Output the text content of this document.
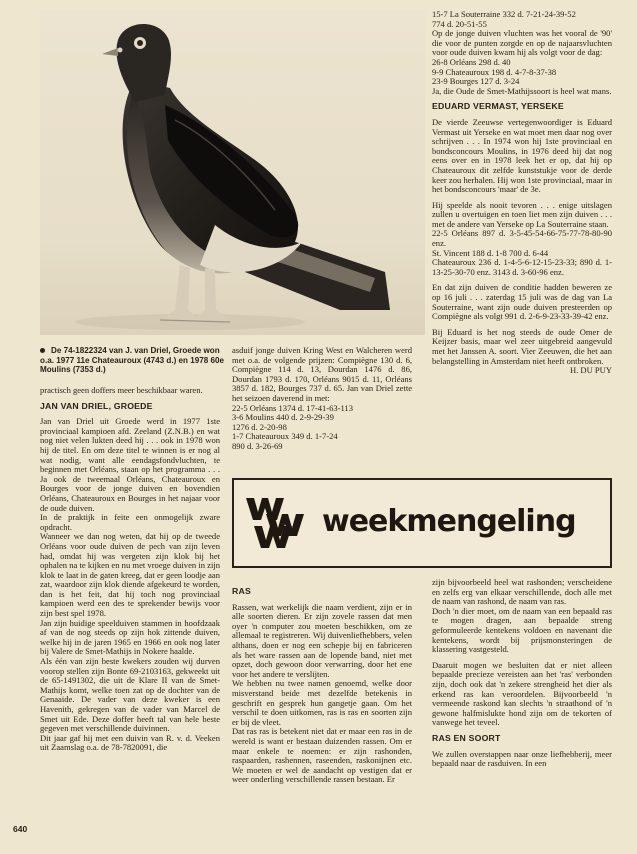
De 74-1822324 van J. van Driel, Groede won o.a. 1977 11e Chateauroux (4743 d.) en 1978 60e Moulins (7353 d.)

practisch geen doffers meer beschikbaar waren.

JAN VAN DRIEL, GROEDE

Jan van Driel uit Groede werd in 1977 1ste provinciaal kampioen afd. Zeeland (Z.N.B.) en wat nog niet velen lukten deed hij . . . ook in 1978 won hij de titel. En om deze titel te winnen is er nog al wat nodig, want alle eendagsfondvluchten, te beginnen met Orléans, staan op het programma . . . Ja ook de tweemaal Orléans, Chateauroux en Bourges voor de jonge duiven en bovendien Orléans, Chateauroux en Bourges in het najaar voor de oude duiven.

In de praktijk in feite een onmogelijk zware opdracht.

Wanneer we dan nog weten, dat hij op de tweede Orléans voor oude duiven de pech van zijn leven had, omdat hij was vergeten zijn klok bij het ophalen na te kijken en nu met vroege duiven in zijn klok te laat in de gaten kreeg, dat er geen loodje aan zat, waardoor zijn klok diende afgekeurd te worden, dan is het feit, dat hij toch nog provinciaal kampioen werd een des te sprekender bewijs voor zijn best spel 1978.

Jan zijn huidige speelduiven stammen in hoofdzaak af van de nog steeds op zijn hok zittende duiven, welke hij in de jaren 1965 en 1966 en ook nog later bij Valere de Smet-Mathijs in Nokere haalde.

Als één van zijn beste kwekers zouden wij durven voorop stellen zijn Bonte 69-2103163, gekweekt uit de 65-1491302, die uit de Klare II van de Smet-Mathijs komt, welke toen zat op de dochter van de Genaaide. De vader van deze kweker is een Havenith, gekregen van de vader van Marcel de Smet uit Ede. Deze doffer heeft tal van hele beste gegeven met verschillende duivinnen.

Dit jaar gaf hij met een duivin van R. v. d. Veeken uit Zaamslag o.a. de 78-7820091, die

asduif jonge duiven Kring West en Walcheren werd met o.a. de volgende prijzen: Compiègne 130 d. 6, Compiègne 114 d. 13, Dourdan 1476 d. 86, Dourdan 1793 d. 170, Orléans 9015 d. 11, Orléans 3857 d. 182, Bourges 737 d. 65. Jan van Driel zette het seizoen daverend in met:

22-5 Orléans 1374 d. 17-41-63-113

3-6 Moulins 440 d. 2-9-29-39

1276 d. 2-20-98

1-7 Chateauroux 349 d. 1-7-24

890 d. 3-26-69

15-7 La Souterraine 332 d. 7-21-24-39-52

774 d. 20-51-55

Op de jonge duiven vluchten was het vooral de '90' die voor de punten zorgde en op de najaarsvluchten voor oude duiven kwam hij als volgt voor de dag:

26-8 Orléans 298 d. 40

9-9 Chateauroux 198 d. 4-7-8-37-38

23-9 Bourges 127 d. 3-24

Ja, die Oude de Smet-Mathijssoort is heel wat mans.

EDUARD VERMAST, YERSEKE

De vierde Zeeuwse vertegenwoordiger is Eduard Vermast uit Yerseke en wat moet men daar nog over schrijven . . . In 1974 won hij 1ste provinciaal en bondsconcours Moulins, in 1976 deed hij dat nog eens over en in 1978 leek het er op, dat hij op Chateauroux dit zelfde kunststukje voor de derde keer zou herhalen. Hij won 1ste provinciaal, maar in het bondsconcours 'maar' de 3e.

Hij speelde als nooit tevoren . . . enige uitslagen zullen u overtuigen en toen liet men zijn duiven . . . met de andere van Yerseke op La Souterraine staan.

22-5 Orléans 897 d. 3-5-45-54-66-75-77-78-80-90 enz.

St. Vincent 188 d. 1-8 700 d. 6-44

Chateauroux 236 d. 1-4-5-6-12-15-23-33; 890 d. 1-13-25-30-70 enz. 3143 d. 3-60-96 enz.

En dat zijn duiven de conditie hadden beweren ze op 16 juli . . . zaterdag 15 juli was de dag van La Souterraine, want zijn oude duiven presteerden op Compiègne als volgt 991 d. 2-6-9-23-33-39-42 enz.

Bij Eduard is het nog steeds de oude Omer de Keijzer basis, maar wel zeer uitgebreid aangevuld met het Janssen A. soort. Vier Zeeuwen, die het aan belangstelling in Amsterdam niet heeft ontbroken.

H. DU PUY
weekmengeling
RAS

Rassen, wat werkelijk die naam verdient, zijn er in alle soorten dieren. Er zijn zovele rassen dat men oyer 'n computer zou moeten beschikken, om ze allemaal te registreren. Wij duivenliefhebbers, velen althans, doen er nog een schepje bij en fabriceren als het ware rassen aan de lopende band, niet met opzet, doch gewoon door verwarring, door het ene voor het andere te verslijten.

We hebben nu twee namen genoemd, welke door misverstand beide met dezelfde betekenis in geschrift en gesprek hun gangetje gaan. Om het verschil te doen uitkomen, ras is ras en soorten zijn er bij de vleet.

Dat ras ras is betekent niet dat er maar een ras in de wereld is want er bestaan duizenden rassen. Om er maar enkele te noemen: er zijn rashonden, raspaarden, rashennen, raseenden, raskonijnen etc. We moeten er wel de aandacht op vestigen dat er weer onderling verschillende rassen bestaan. Er

zijn bijvoorbeeld heel wat rashonden; verscheidene en zelfs erg van elkaar verschillende, doch alle met de naam van rashond, de naam van ras.

Doch 'n dier moet, om de naam van een bepaald ras te mogen dragen, aan bepaalde streng geformuleerde kentekens voldoen en navenant die kentekens, wordt bij prijsmonsteringen de klassering vastgesteld.

Daaruit mogen we besluiten dat er niet alleen bepaalde precieze vereisten aan het 'ras' verbonden zijn, doch ook dat 'n zekere strengheid het dier als erkend ras kan veroordelen. Bijvoorbeeld 'n vermeende raskond kan slechts 'n straathond of 'n gewone halfmislukte hond zijn om de tekorten of vanwege het teveel.

RAS EN SOORT

We zullen overstappen naar onze liefhebberij, meer bepaald naar de rasduiven. In een

640
